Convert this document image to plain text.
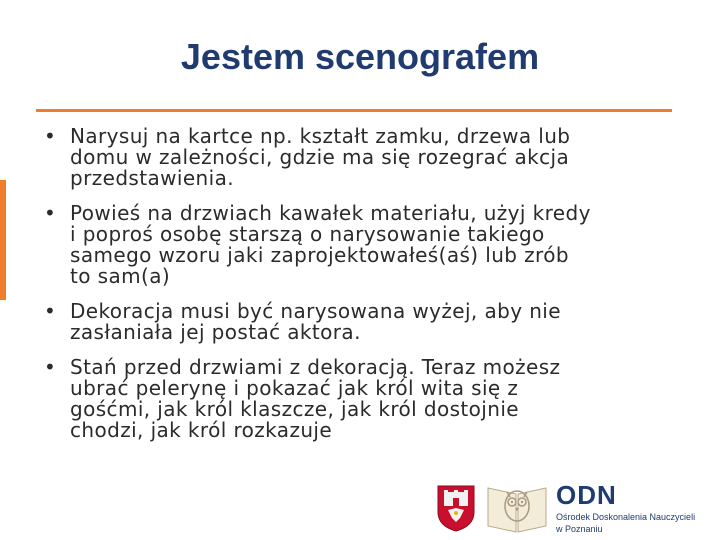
Jestem scenografem
• Narysuj na kartce np. kształt zamku, drzewa lub
domu w zależności, gdzie ma się rozegrać akcja
przedstawienia.
• Powieś na drzwiach kawałek materiału, użyj kredy
i poproś osobę starszą o narysowanie takiego
samego wzoru jaki zaprojektowałeś(aś) lub zrób
to sam(a)
• Dekoracja musi być narysowana wyżej, aby nie
zasłaniała jej postać aktora.
• Stań przed drzwiami z dekoracją. Teraz możesz
ubrać pelerynę i pokazać jak król wita się z
gośćmi, jak król klaszcze, jak król dostojnie
chodzi, jak król rozkazuje
ODN
Ośrodek Doskonalenia Nauczycieli
w Poznaniu
